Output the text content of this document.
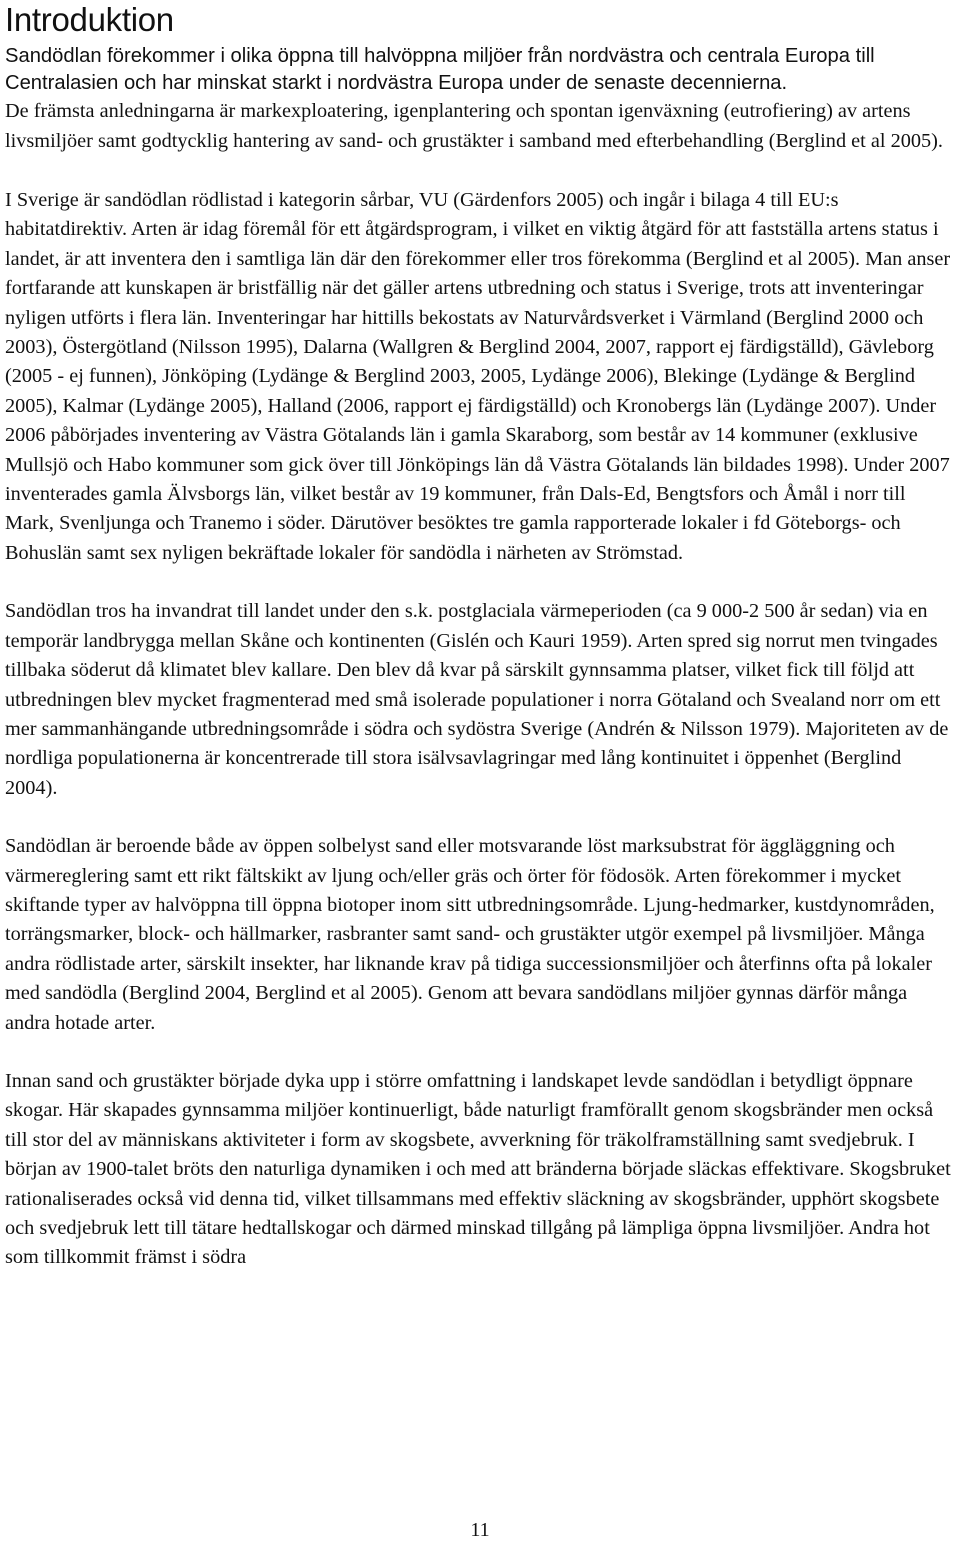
Introduktion
Sandödlan förekommer i olika öppna till halvöppna miljöer från nordvästra och centrala Europa till Centralasien och har minskat starkt i nordvästra Europa under de senaste decennierna.

De främsta anledningarna är markexploatering, igenplantering och spontan igenväxning (eutrofiering) av artens livsmiljöer samt godtycklig hantering av sand- och grustäkter i samband med efterbehandling (Berglind et al 2005).

I Sverige är sandödlan rödlistad i kategorin sårbar, VU (Gärdenfors 2005) och ingår i bilaga 4 till EU:s habitatdirektiv. Arten är idag föremål för ett åtgärdsprogram, i vilket en viktig åtgärd för att fastställa artens status i landet, är att inventera den i samtliga län där den förekommer eller tros förekomma (Berglind et al 2005). Man anser fortfarande att kunskapen är bristfällig när det gäller artens utbredning och status i Sverige, trots att inventeringar nyligen utförts i flera län. Inventeringar har hittills bekostats av Naturvårdsverket i Värmland (Berglind 2000 och 2003), Östergötland (Nilsson 1995), Dalarna (Wallgren & Berglind 2004, 2007, rapport ej färdigställd), Gävleborg (2005 - ej funnen), Jönköping (Lydänge & Berglind 2003, 2005, Lydänge 2006), Blekinge (Lydänge & Berglind 2005), Kalmar (Lydänge 2005), Halland (2006, rapport ej färdigställd) och Kronobergs län (Lydänge 2007). Under 2006 påbörjades inventering av Västra Götalands län i gamla Skaraborg, som består av 14 kommuner (exklusive Mullsjö och Habo kommuner som gick över till Jönköpings län då Västra Götalands län bildades 1998). Under 2007 inventerades gamla Älvsborgs län, vilket består av 19 kommuner, från Dals-Ed, Bengtsfors och Åmål i norr till Mark, Svenljunga och Tranemo i söder. Därutöver besöktes tre gamla rapporterade lokaler i fd Göteborgs- och Bohuslän samt sex nyligen bekräftade lokaler för sandödla i närheten av Strömstad.

Sandödlan tros ha invandrat till landet under den s.k. postglaciala värmeperioden (ca 9 000-2 500 år sedan) via en temporär landbrygga mellan Skåne och kontinenten (Gislén och Kauri 1959). Arten spred sig norrut men tvingades tillbaka söderut då klimatet blev kallare. Den blev då kvar på särskilt gynnsamma platser, vilket fick till följd att utbredningen blev mycket fragmenterad med små isolerade populationer i norra Götaland och Svealand norr om ett mer sammanhängande utbredningsområde i södra och sydöstra Sverige (Andrén & Nilsson 1979). Majoriteten av de nordliga populationerna är koncentrerade till stora isälvsavlagringar med lång kontinuitet i öppenhet (Berglind 2004).

Sandödlan är beroende både av öppen solbelyst sand eller motsvarande löst marksubstrat för äggläggning och värmereglering samt ett rikt fältskikt av ljung och/eller gräs och örter för födosök. Arten förekommer i mycket skiftande typer av halvöppna till öppna biotoper inom sitt utbredningsområde. Ljung-hedmarker, kustdynområden, torrängsmarker, block- och hällmarker, rasbranter samt sand- och grustäkter utgör exempel på livsmiljöer. Många andra rödlistade arter, särskilt insekter, har liknande krav på tidiga successionsmiljöer och återfinns ofta på lokaler med sandödla (Berglind 2004, Berglind et al 2005). Genom att bevara sandödlans miljöer gynnas därför många andra hotade arter.

Innan sand och grustäkter började dyka upp i större omfattning i landskapet levde sandödlan i betydligt öppnare skogar. Här skapades gynnsamma miljöer kontinuerligt, både naturligt framförallt genom skogsbränder men också till stor del av människans aktiviteter i form av skogsbete, avverkning för träkolframställning samt svedjebruk. I början av 1900-talet bröts den naturliga dynamiken i och med att bränderna började släckas effektivare. Skogsbruket rationaliserades också vid denna tid, vilket tillsammans med effektiv släckning av skogsbränder, upphört skogsbete och svedjebruk lett till tätare hedtallskogar och därmed minskad tillgång på lämpliga öppna livsmiljöer. Andra hot som tillkommit främst i södra

11
